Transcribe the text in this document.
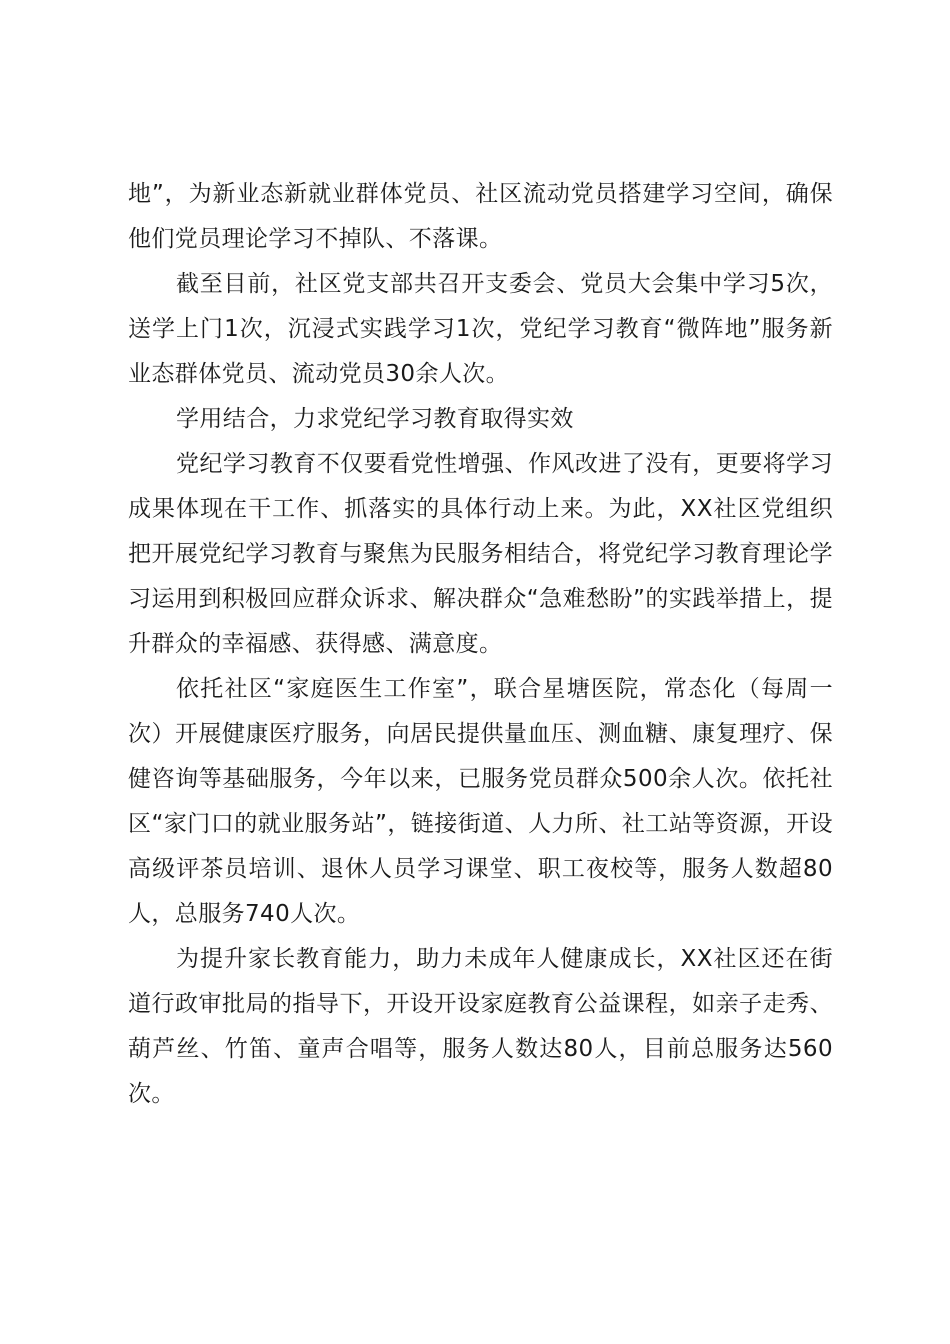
地”，为新业态新就业群体党员、社区流动党员搭建学习空间，确保他们党员理论学习不掉队、不落课。

截至目前，社区党支部共召开支委会、党员大会集中学习5次，送学上门1次，沉浸式实践学习1次，党纪学习教育“微阵地”服务新业态群体党员、流动党员30余人次。

学用结合，力求党纪学习教育取得实效

党纪学习教育不仅要看党性增强、作风改进了没有，更要将学习成果体现在干工作、抓落实的具体行动上来。为此，XX社区党组织把开展党纪学习教育与聚焦为民服务相结合，将党纪学习教育理论学习运用到积极回应群众诉求、解决群众“急难愁盼”的实践举措上，提升群众的幸福感、获得感、满意度。

依托社区“家庭医生工作室”，联合星塘医院，常态化（每周一次）开展健康医疗服务，向居民提供量血压、测血糖、康复理疗、保健咨询等基础服务，今年以来，已服务党员群众500余人次。依托社区“家门口的就业服务站”，链接街道、人力所、社工站等资源，开设高级评茶员培训、退休人员学习课堂、职工夜校等，服务人数超80人，总服务740人次。

为提升家长教育能力，助力未成年人健康成长，XX社区还在街道行政审批局的指导下，开设开设家庭教育公益课程，如亲子走秀、葫芦丝、竹笛、童声合唱等，服务人数达80人，目前总服务达560次。
